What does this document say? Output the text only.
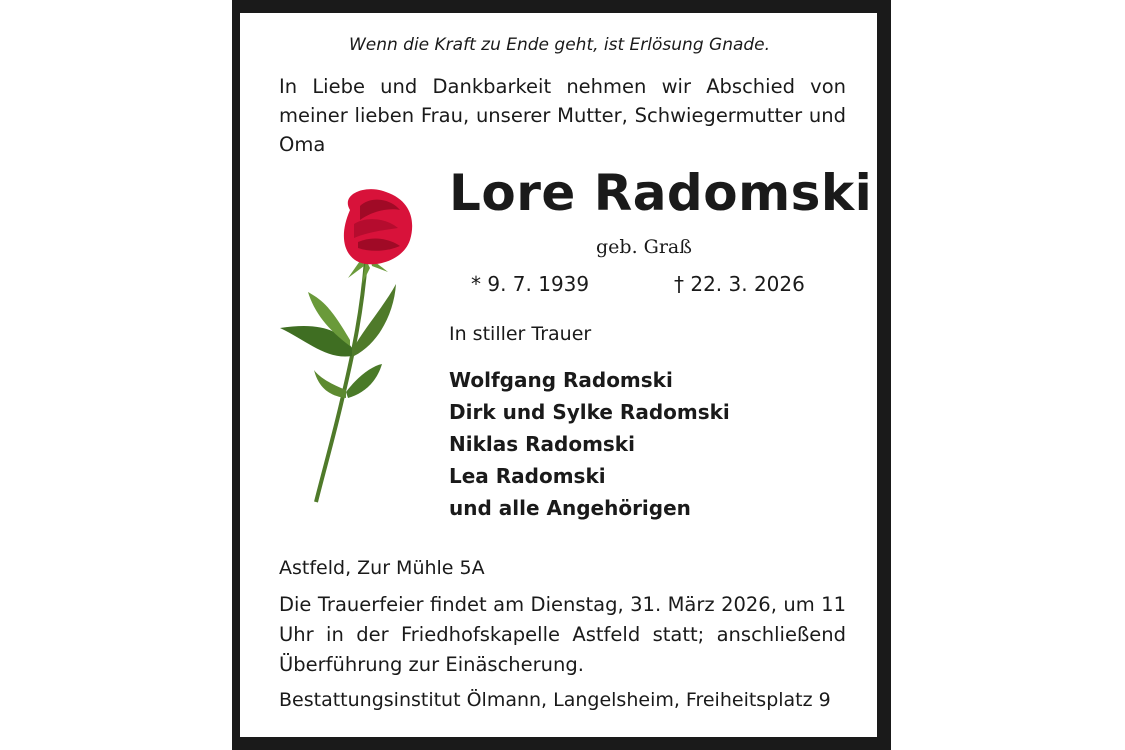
Wenn die Kraft zu Ende geht, ist Erlösung Gnade.
In Liebe und Dankbarkeit nehmen wir Abschied von meiner lieben Frau, unserer Mutter, Schwiegermutter und Oma
Lore Radomski
geb. Graß
* 9. 7. 1939	† 22. 3. 2026
In stiller Trauer
Wolfgang Radomski
Dirk und Sylke Radomski
Niklas Radomski
Lea Radomski
und alle Angehörigen
Astfeld, Zur Mühle 5A
Die Trauerfeier findet am Dienstag, 31. März 2026, um 11 Uhr in der Friedhofskapelle Astfeld statt; anschließend Überführung zur Einäscherung.
Bestattungsinstitut Ölmann, Langelsheim, Freiheitsplatz 9
